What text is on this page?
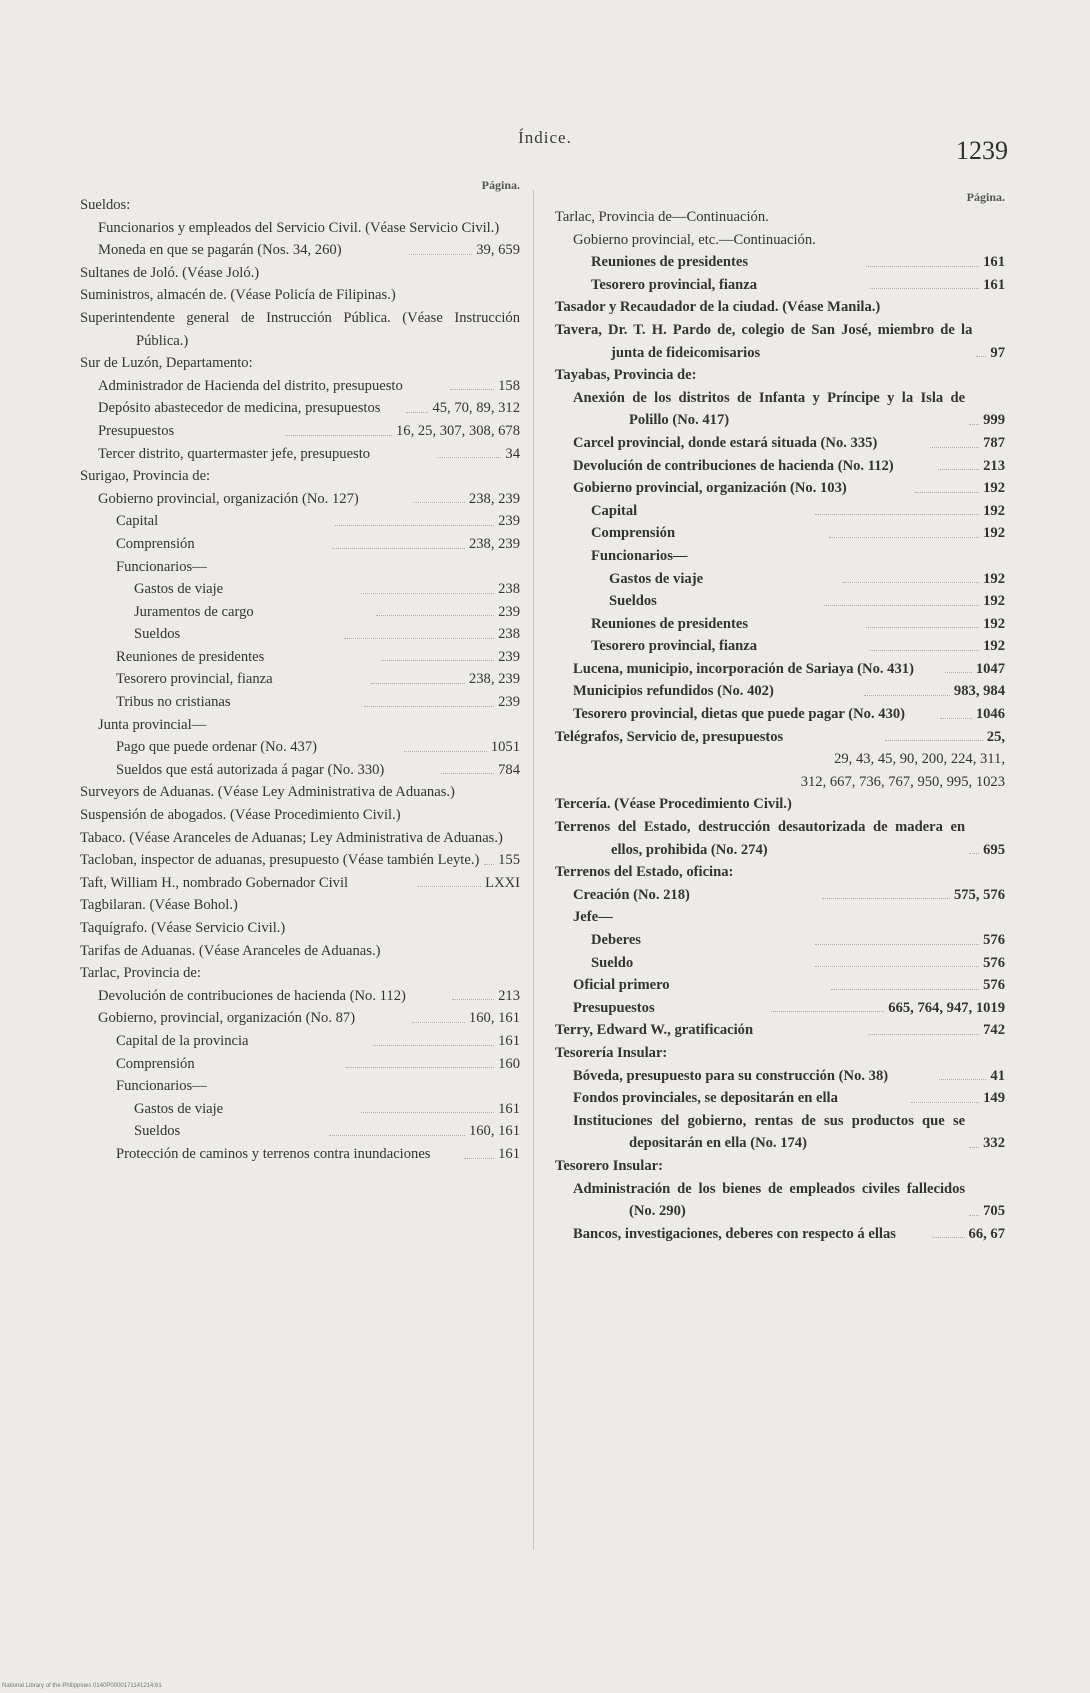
Índice.	1239
Página.
Sueldos:
Funcionarios y empleados del Servicio Civil. (Véase Servicio Civil.)
Moneda en que se pagarán (Nos. 34, 260)	39, 659
Sultanes de Joló. (Véase Joló.)
Suministros, almacén de. (Véase Policía de Filipinas.)
Superintendente general de Instrucción Pública. (Véase Instrucción Pública.)
Sur de Luzón, Departamento:
Administrador de Hacienda del distrito, presupuesto	158
Depósito abastecedor de medicina, presupuestos	45, 70, 89, 312
Presupuestos	16, 25, 307, 308, 678
Tercer distrito, quartermaster jefe, presupuesto	34
Surigao, Provincia de:
Gobierno provincial, organización (No. 127)	238, 239
Capital	239
Comprensión	238, 239
Funcionarios—
Gastos de viaje	238
Juramentos de cargo	239
Sueldos	238
Reuniones de presidentes	239
Tesorero provincial, fianza	238, 239
Tribus no cristianas	239
Junta provincial—
Pago que puede ordenar (No. 437)	1051
Sueldos que está autorizada á pagar (No. 330)	784
Surveyors de Aduanas. (Véase Ley Administrativa de Aduanas.)
Suspensión de abogados. (Véase Procedimiento Civil.)
Tabaco. (Véase Aranceles de Aduanas; Ley Administrativa de Aduanas.)
Tacloban, inspector de aduanas, presupuesto (Véase también Leyte.) 155
Taft, William H., nombrado Gobernador Civil	LXXI
Tagbilaran. (Véase Bohol.)
Taquígrafo. (Véase Servicio Civil.)
Tarifas de Aduanas. (Véase Aranceles de Aduanas.)
Tarlac, Provincia de:
Devolución de contribuciones de hacienda (No. 112)	213
Gobierno, provincial, organización (No. 87)	160, 161
Capital de la provincia	161
Comprensión	160
Funcionarios—
Gastos de viaje	161
Sueldos	160, 161
Protección de caminos y terrenos contra inundaciones	161
Página.
Tarlac, Provincia de—Continuación.
Gobierno provincial, etc.—Continuación.
Reuniones de presidentes	161
Tesorero provincial, fianza	161
Tasador y Recaudador de la ciudad. (Véase Manila.)
Tavera, Dr. T. H. Pardo de, colegio de San José, miembro de la junta de fideicomisarios	97
Tayabas, Provincia de:
Anexión de los distritos de Infanta y Príncipe y la Isla de Polillo (No. 417)	999
Carcel provincial, donde estará situada (No. 335)	787
Devolución de contribuciones de hacienda (No. 112)	213
Gobierno provincial, organización (No. 103)	192
Capital	192
Comprensión	192
Funcionarios—
Gastos de viaje	192
Sueldos	192
Reuniones de presidentes	192
Tesorero provincial, fianza	192
Lucena, municipio, incorporación de Sariaya (No. 431)	1047
Municipios refundidos (No. 402)	983, 984
Tesorero provincial, dietas que puede pagar (No. 430)	1046
Telégrafos, Servicio de, presupuestos	25,
29, 43, 45, 90, 200, 224, 311,
312, 667, 736, 767, 950, 995, 1023
Tercería. (Véase Procedimiento Civil.)
Terrenos del Estado, destrucción desautorizada de madera en ellos, prohibida (No. 274)	695
Terrenos del Estado, oficina:
Creación (No. 218)	575, 576
Jefe—
Deberes	576
Sueldo	576
Oficial primero	576
Presupuestos	665, 764, 947, 1019
Terry, Edward W., gratificación	742
Tesorería Insular:
Bóveda, presupuesto para su construcción (No. 38)	41
Fondos provinciales, se depositarán en ella	149
Instituciones del gobierno, rentas de sus productos que se depositarán en ella (No. 174)	332
Tesorero Insular:
Administración de los bienes de empleados civiles fallecidos (No. 290)	705
Bancos, investigaciones, deberes con respecto á ellas	66, 67
National Library of the Philippines 0140P0000171141214:61
